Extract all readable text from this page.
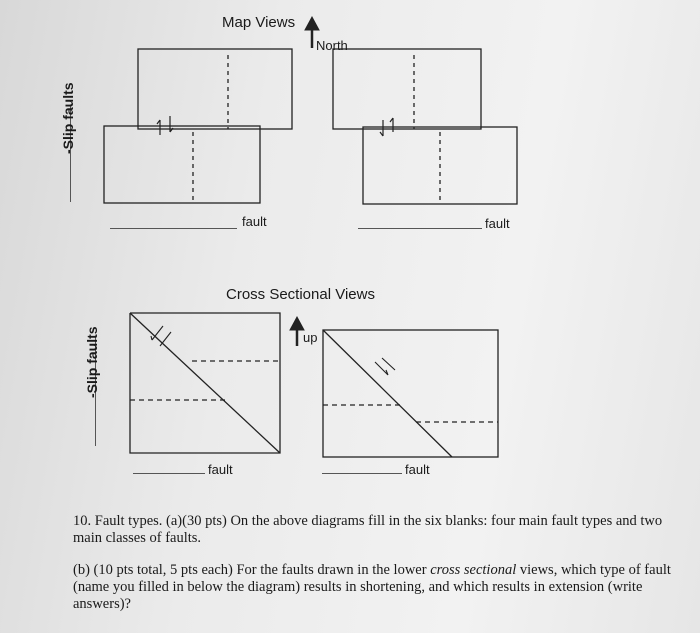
Map Views
North
-Slip faults
fault	fault
Cross Sectional Views
up
-Slip faults
fault	fault
10. Fault types. (a)(30 pts) On the above diagrams fill in the six blanks: four main fault types and two main classes of faults.
(b) (10 pts total, 5 pts each) For the faults drawn in the lower cross sectional views, which type of fault (name you filled in below the diagram) results in shortening, and which results in extension (write answers)?
